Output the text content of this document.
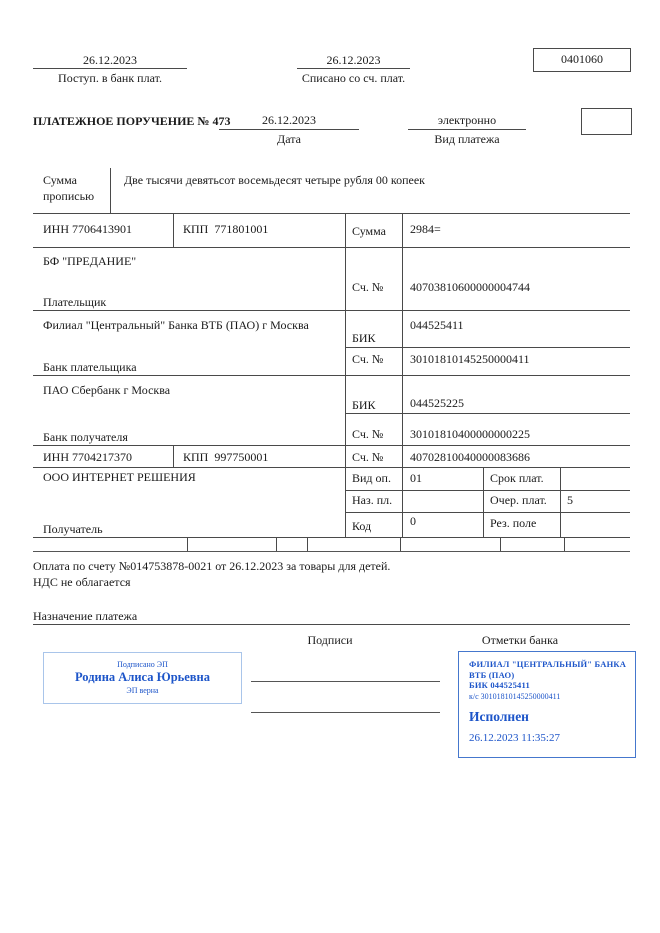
26.12.2023
Поступ. в банк плат.
26.12.2023
Списано со сч. плат.
0401060
ПЛАТЕЖНОЕ ПОРУЧЕНИЕ № 473	26.12.2023
Дата
электронно
Вид платежа
Сумма
прописью
Две тысячи девятьсот восемьдесят четыре рубля 00 копеек
ИНН 7706413901	КПП  771801001	Сумма 2984=
БФ "ПРЕДАНИЕ"
Сч. № 40703810600000004744
Плательщик
Филиал "Центральный" Банка ВТБ (ПАО) г Москва
БИК
044525411
Сч. № 30101810145250000411
Банк плательщика
ПАО Сбербанк г Москва
БИК	044525225
Сч. № 30101810400000000225
Банк получателя
ИНН 7704217370	КПП  997750001	Сч. № 40702810040000083686
ООО ИНТЕРНЕТ РЕШЕНИЯ	Вид оп. 01	Срок плат.
Наз. пл.	Очер. плат. 5
Код	0	Рез. поле
Получатель
Оплата по счету №014753878-0021 от 26.12.2023 за товары для детей.
НДС не облагается
Назначение платежа
Подписи	Отметки банка
Подписано ЭП
Родина Алиса Юрьевна
ЭП верна
ФИЛИАЛ "ЦЕНТРАЛЬНЫЙ" БАНКА
ВТБ (ПАО)
БИК 044525411
к/с 30101810145250000411
Исполнен
26.12.2023 11:35:27
